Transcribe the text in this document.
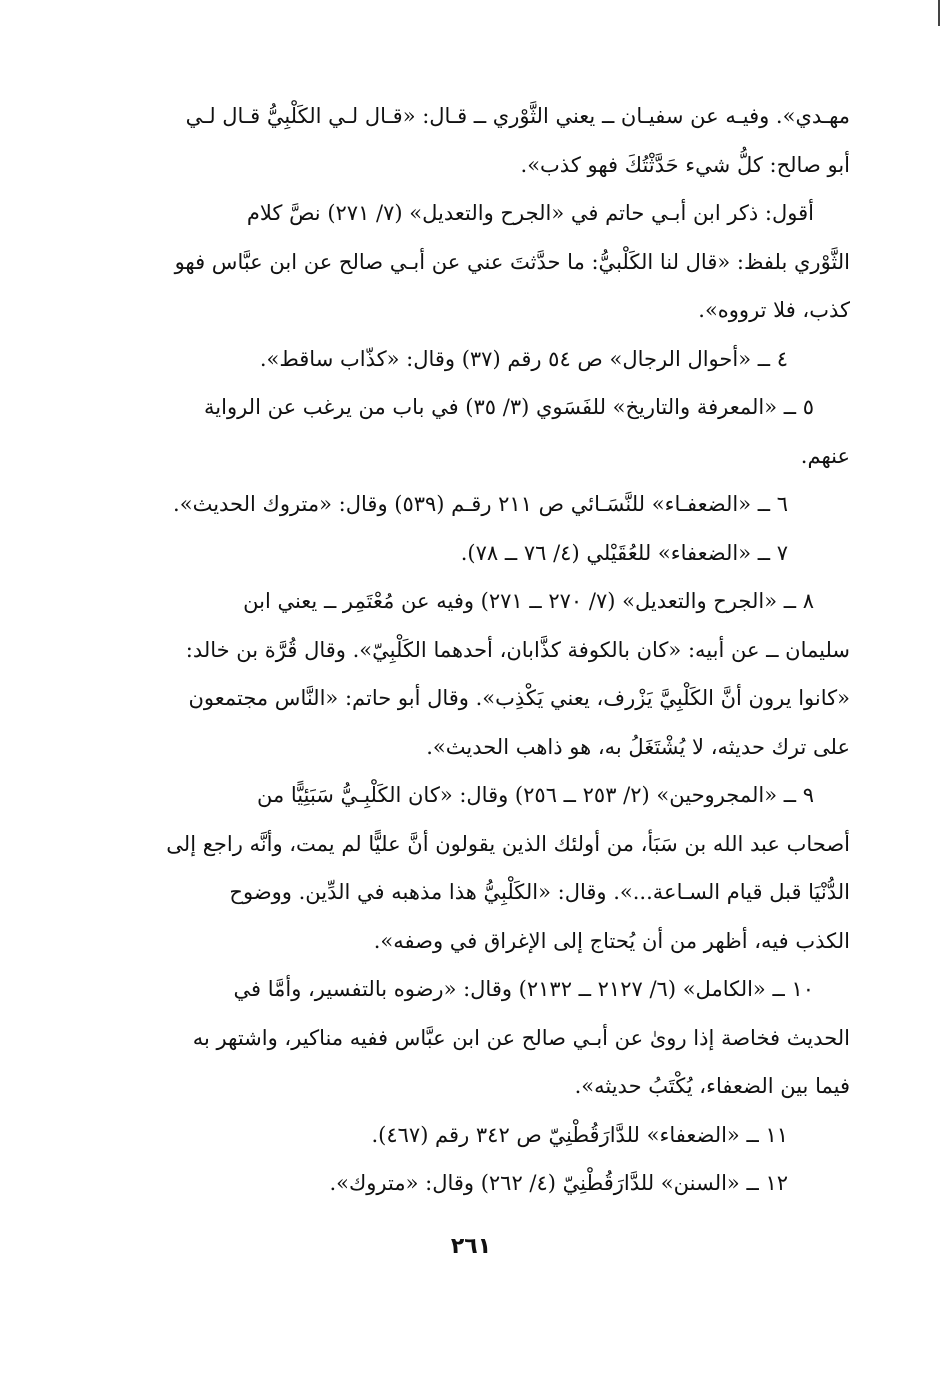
مهـدي». وفيـه عن سفيـان ــ يعني الثَّوْري ــ قـال: «قـال لـي الكَلْبِيُّ قـال لـي
أبو صالح: كلُّ شيء حَدَّثْتُكَ فهو كذب».
أقول: ذكر ابن أبـي حاتم في «الجرح والتعديل» (٧/ ٢٧١) نصَّ كلام
الثَّوْري بلفظ: «قال لنا الكَلْبيُّ: ما حدَّثتَ عني عن أبـي صالح عن ابن عبَّاس فهو
كذب، فلا ترووه».
٤ ــ «أحوال الرجال» ص ٥٤ رقم (٣٧) وقال: «كذّاب ساقط».
٥ ــ «المعرفة والتاريخ» للفَسَوي (٣/ ٣٥) في باب من يرغب عن الرواية
عنهم.
٦ ــ «الضعفـاء» للنَّسَـائي ص ٢١١ رقـم (٥٣٩) وقال: «متروك الحديث».
٧ ــ «الضعفاء» للعُقَيْلي (٤/ ٧٦ ــ ٧٨).
٨ ــ «الجرح والتعديل» (٧/ ٢٧٠ ــ ٢٧١) وفيه عن مُعْتَمِر ــ يعني ابن
سليمان ــ عن أبيه: «كان بالكوفة كذَّابان، أحدهما الكَلْبِيّ». وقال قُرَّة بن خالد:
«كانوا يرون أنَّ الكَلْبِيَّ يَزْرف، يعني يَكْذِب». وقال أبو حاتم: «النَّاس مجتمعون
على ترك حديثه، لا يُشْتَغَلُ به، هو ذاهب الحديث».
٩ ــ «المجروحين» (٢/ ٢٥٣ ــ ٢٥٦) وقال: «كان الكَلْبِـيُّ سَبَئِيًّا من
أصحاب عبد الله بن سَبَأ، من أولئك الذين يقولون أنَّ عليًّا لم يمت، وأنَّه راجع إلى
الدُّنْيَا قبل قيام السـاعة...». وقال: «الكَلْبِيُّ هذا مذهبه في الدِّين. ووضوح
الكذب فيه، أظهر من أن يُحتاج إلى الإغراق في وصفه».
١٠ ــ «الكامل» (٦/ ٢١٢٧ ــ ٢١٣٢) وقال: «رضوه بالتفسير، وأمَّا في
الحديث فخاصة إذا روىٰ عن أبـي صالح عن ابن عبَّاس ففيه مناكير، واشتهر به
فيما بين الضعفاء، يُكْتَبُ حديثه».
١١ ــ «الضعفاء» للدَّارَقُطْنِيّ ص ٣٤٢ رقم (٤٦٧).
١٢ ــ «السنن» للدَّارَقُطْنِيّ (٤/ ٢٦٢) وقال: «متروك».
٢٦١
